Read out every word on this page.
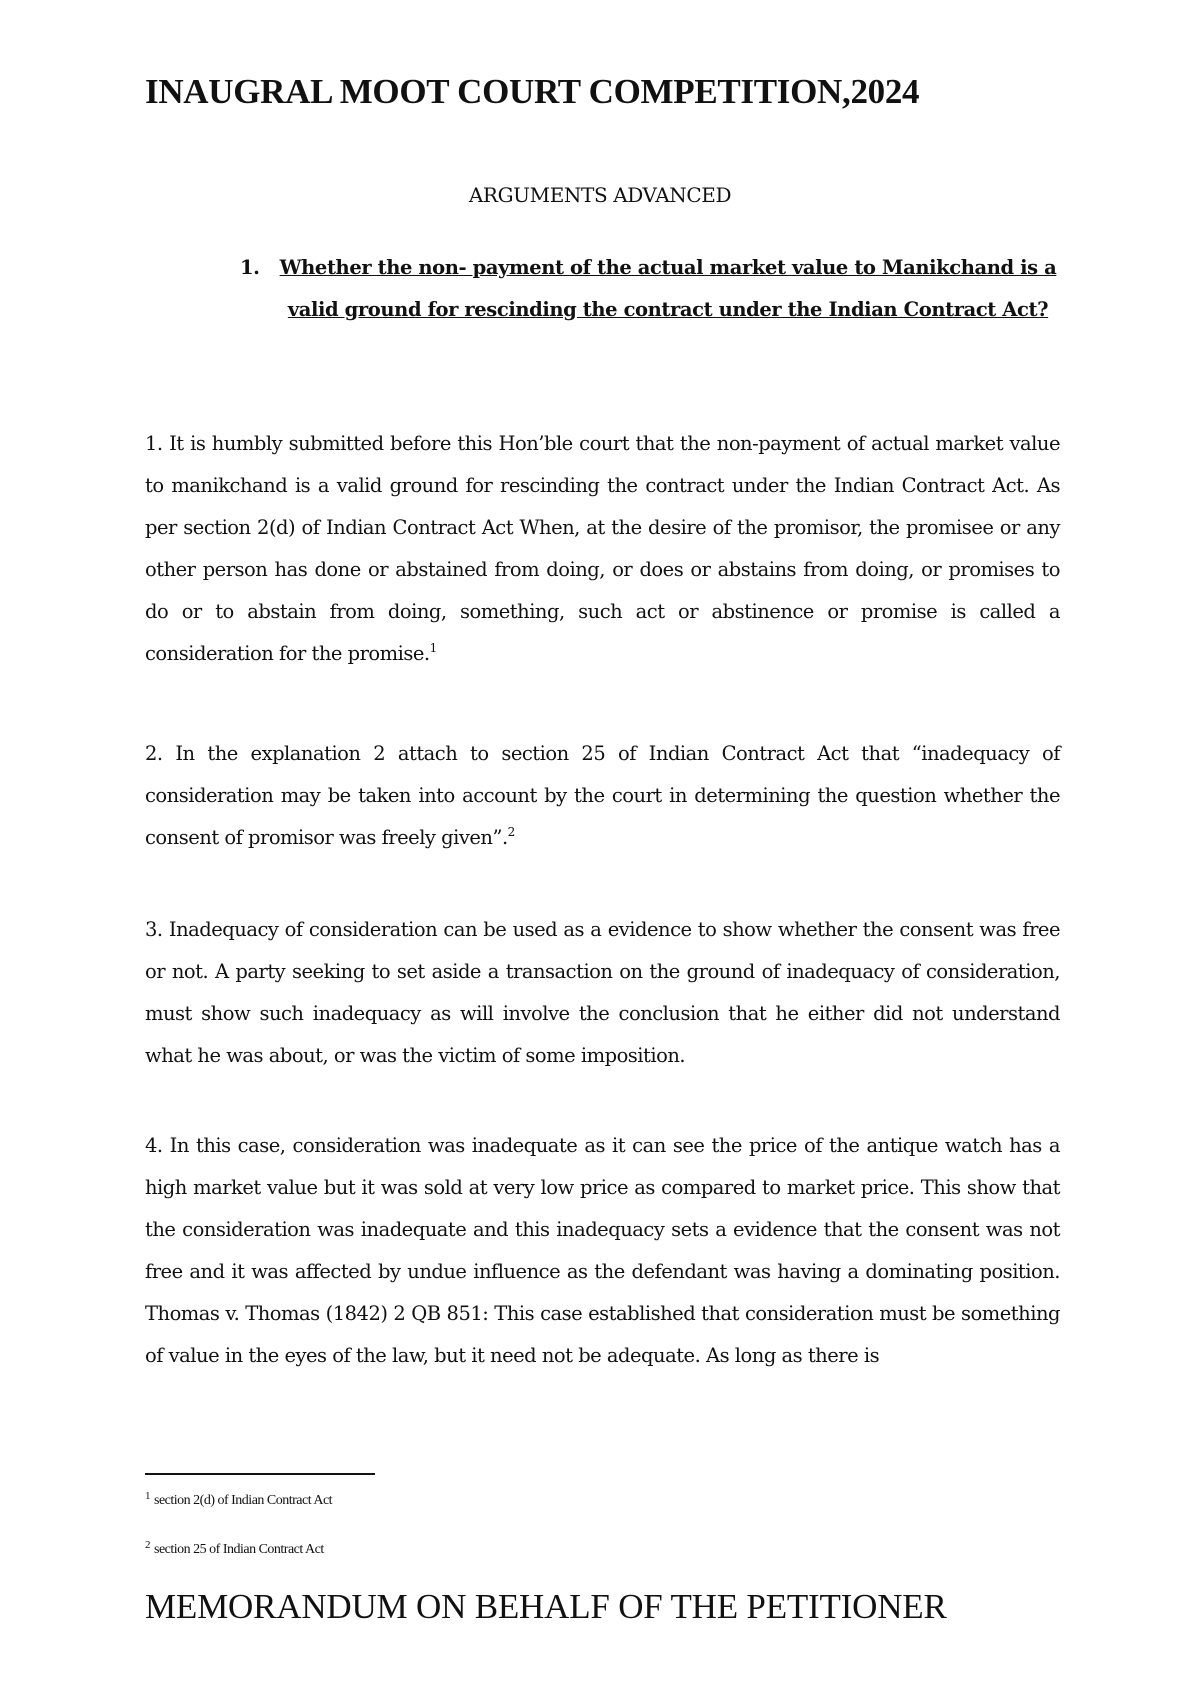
INAUGRAL MOOT COURT COMPETITION,2024
ARGUMENTS ADVANCED
1. Whether the non- payment of the actual market value to Manikchand is a valid ground for rescinding the contract under the Indian Contract Act?
1. It is humbly submitted before this Hon’ble court that the non-payment of actual market value to manikchand is a valid ground for rescinding the contract under the Indian Contract Act. As per section 2(d) of Indian Contract Act When, at the desire of the promisor, the promisee or any other person has done or abstained from doing, or does or abstains from doing, or promises to do or to abstain from doing, something, such act or abstinence or promise is called a consideration for the promise.$^1$
2. In the explanation 2 attach to section 25 of Indian Contract Act that “inadequacy of consideration may be taken into account by the court in determining the question whether the consent of promisor was freely given”.$^2$
3. Inadequacy of consideration can be used as a evidence to show whether the consent was free or not. A party seeking to set aside a transaction on the ground of inadequacy of consideration, must show such inadequacy as will involve the conclusion that he either did not understand what he was about, or was the victim of some imposition.
4. In this case, consideration was inadequate as it can see the price of the antique watch has a high market value but it was sold at very low price as compared to market price. This show that the consideration was inadequate and this inadequacy sets a evidence that the consent was not free and it was affected by undue influence as the defendant was having a dominating position. Thomas v. Thomas (1842) 2 QB 851: This case established that consideration must be something of value in the eyes of the law, but it need not be adequate. As long as there is
$^1$ section 2(d) of Indian Contract Act
$^2$ section 25 of Indian Contract Act
MEMORANDUM ON BEHALF OF THE PETITIONER
